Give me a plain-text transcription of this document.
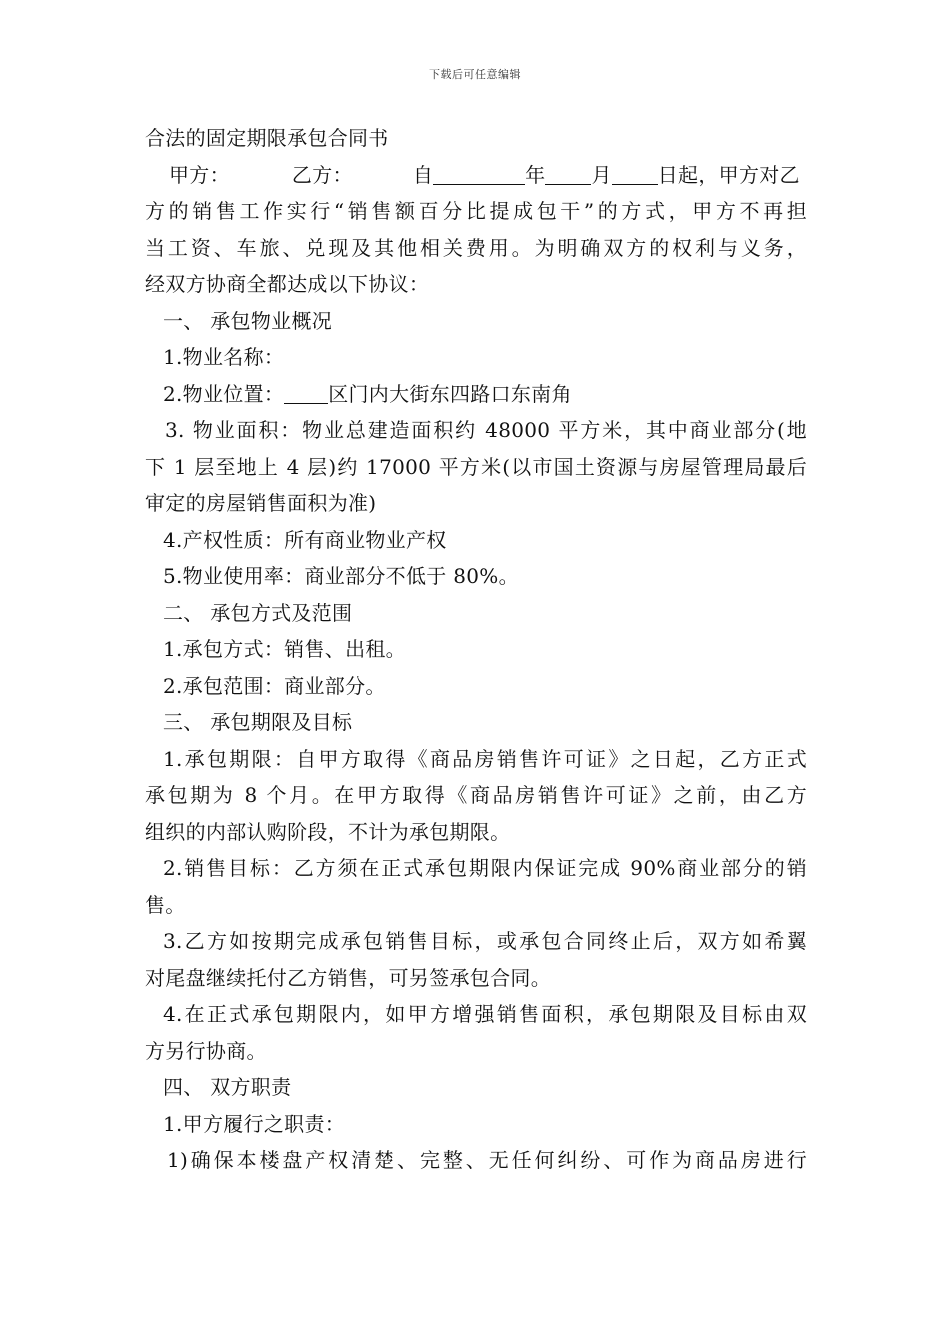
下载后可任意编辑
合法的固定期限承包合同书
甲方：	乙方：	自	年 月 日起，甲方对乙
方的销售工作实行“销售额百分比提成包干”的方式，甲方不再担
当工资、车旅、兑现及其他相关费用。为明确双方的权利与义务，
经双方协商全都达成以下协议：
一、 承包物业概况
1.物业名称：
2.物业位置： 区门内大街东四路口东南角
3. 物业面积：物业总建造面积约 48000 平方米，其中商业部分(地
下 1 层至地上 4 层)约 17000 平方米(以市国土资源与房屋管理局最后
审定的房屋销售面积为准)
4.产权性质：所有商业物业产权
5.物业使用率：商业部分不低于 80%。
二、 承包方式及范围
1.承包方式：销售、出租。
2.承包范围：商业部分。
三、 承包期限及目标
1.承包期限：自甲方取得《商品房销售许可证》之日起，乙方正式
承包期为 8 个月。在甲方取得《商品房销售许可证》之前，由乙方
组织的内部认购阶段，不计为承包期限。
2.销售目标：乙方须在正式承包期限内保证完成 90%商业部分的销
售。
3.乙方如按期完成承包销售目标，或承包合同终止后，双方如希翼
对尾盘继续托付乙方销售，可另签承包合同。
4.在正式承包期限内，如甲方增强销售面积，承包期限及目标由双
方另行协商。
四、 双方职责
1.甲方履行之职责：
1)确保本楼盘产权清楚、完整、无任何纠纷、可作为商品房进行
